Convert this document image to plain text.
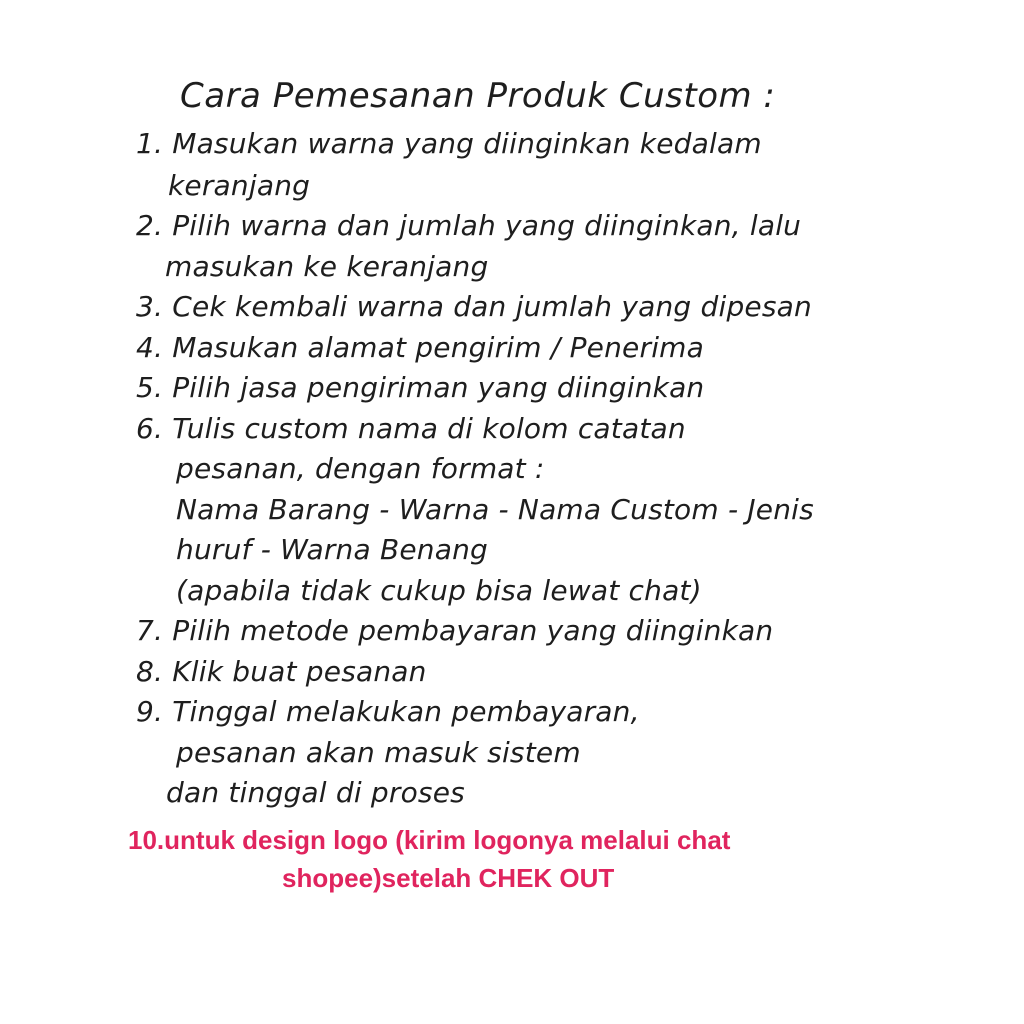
Cara Pemesanan Produk Custom :
1. Masukan warna yang diinginkan kedalam
keranjang
2. Pilih warna dan jumlah yang diinginkan, lalu
masukan ke keranjang
3. Cek kembali warna dan jumlah yang dipesan
4. Masukan alamat pengirim / Penerima
5. Pilih jasa pengiriman yang diinginkan
6. Tulis custom nama di kolom catatan
pesanan, dengan format :
Nama Barang - Warna - Nama Custom - Jenis
huruf - Warna Benang
(apabila tidak cukup bisa lewat chat)
7. Pilih metode pembayaran yang diinginkan
8. Klik buat pesanan
9. Tinggal melakukan pembayaran,
pesanan akan masuk sistem
dan tinggal di proses
10.untuk design logo (kirim logonya melalui chat
shopee)setelah CHEK OUT
